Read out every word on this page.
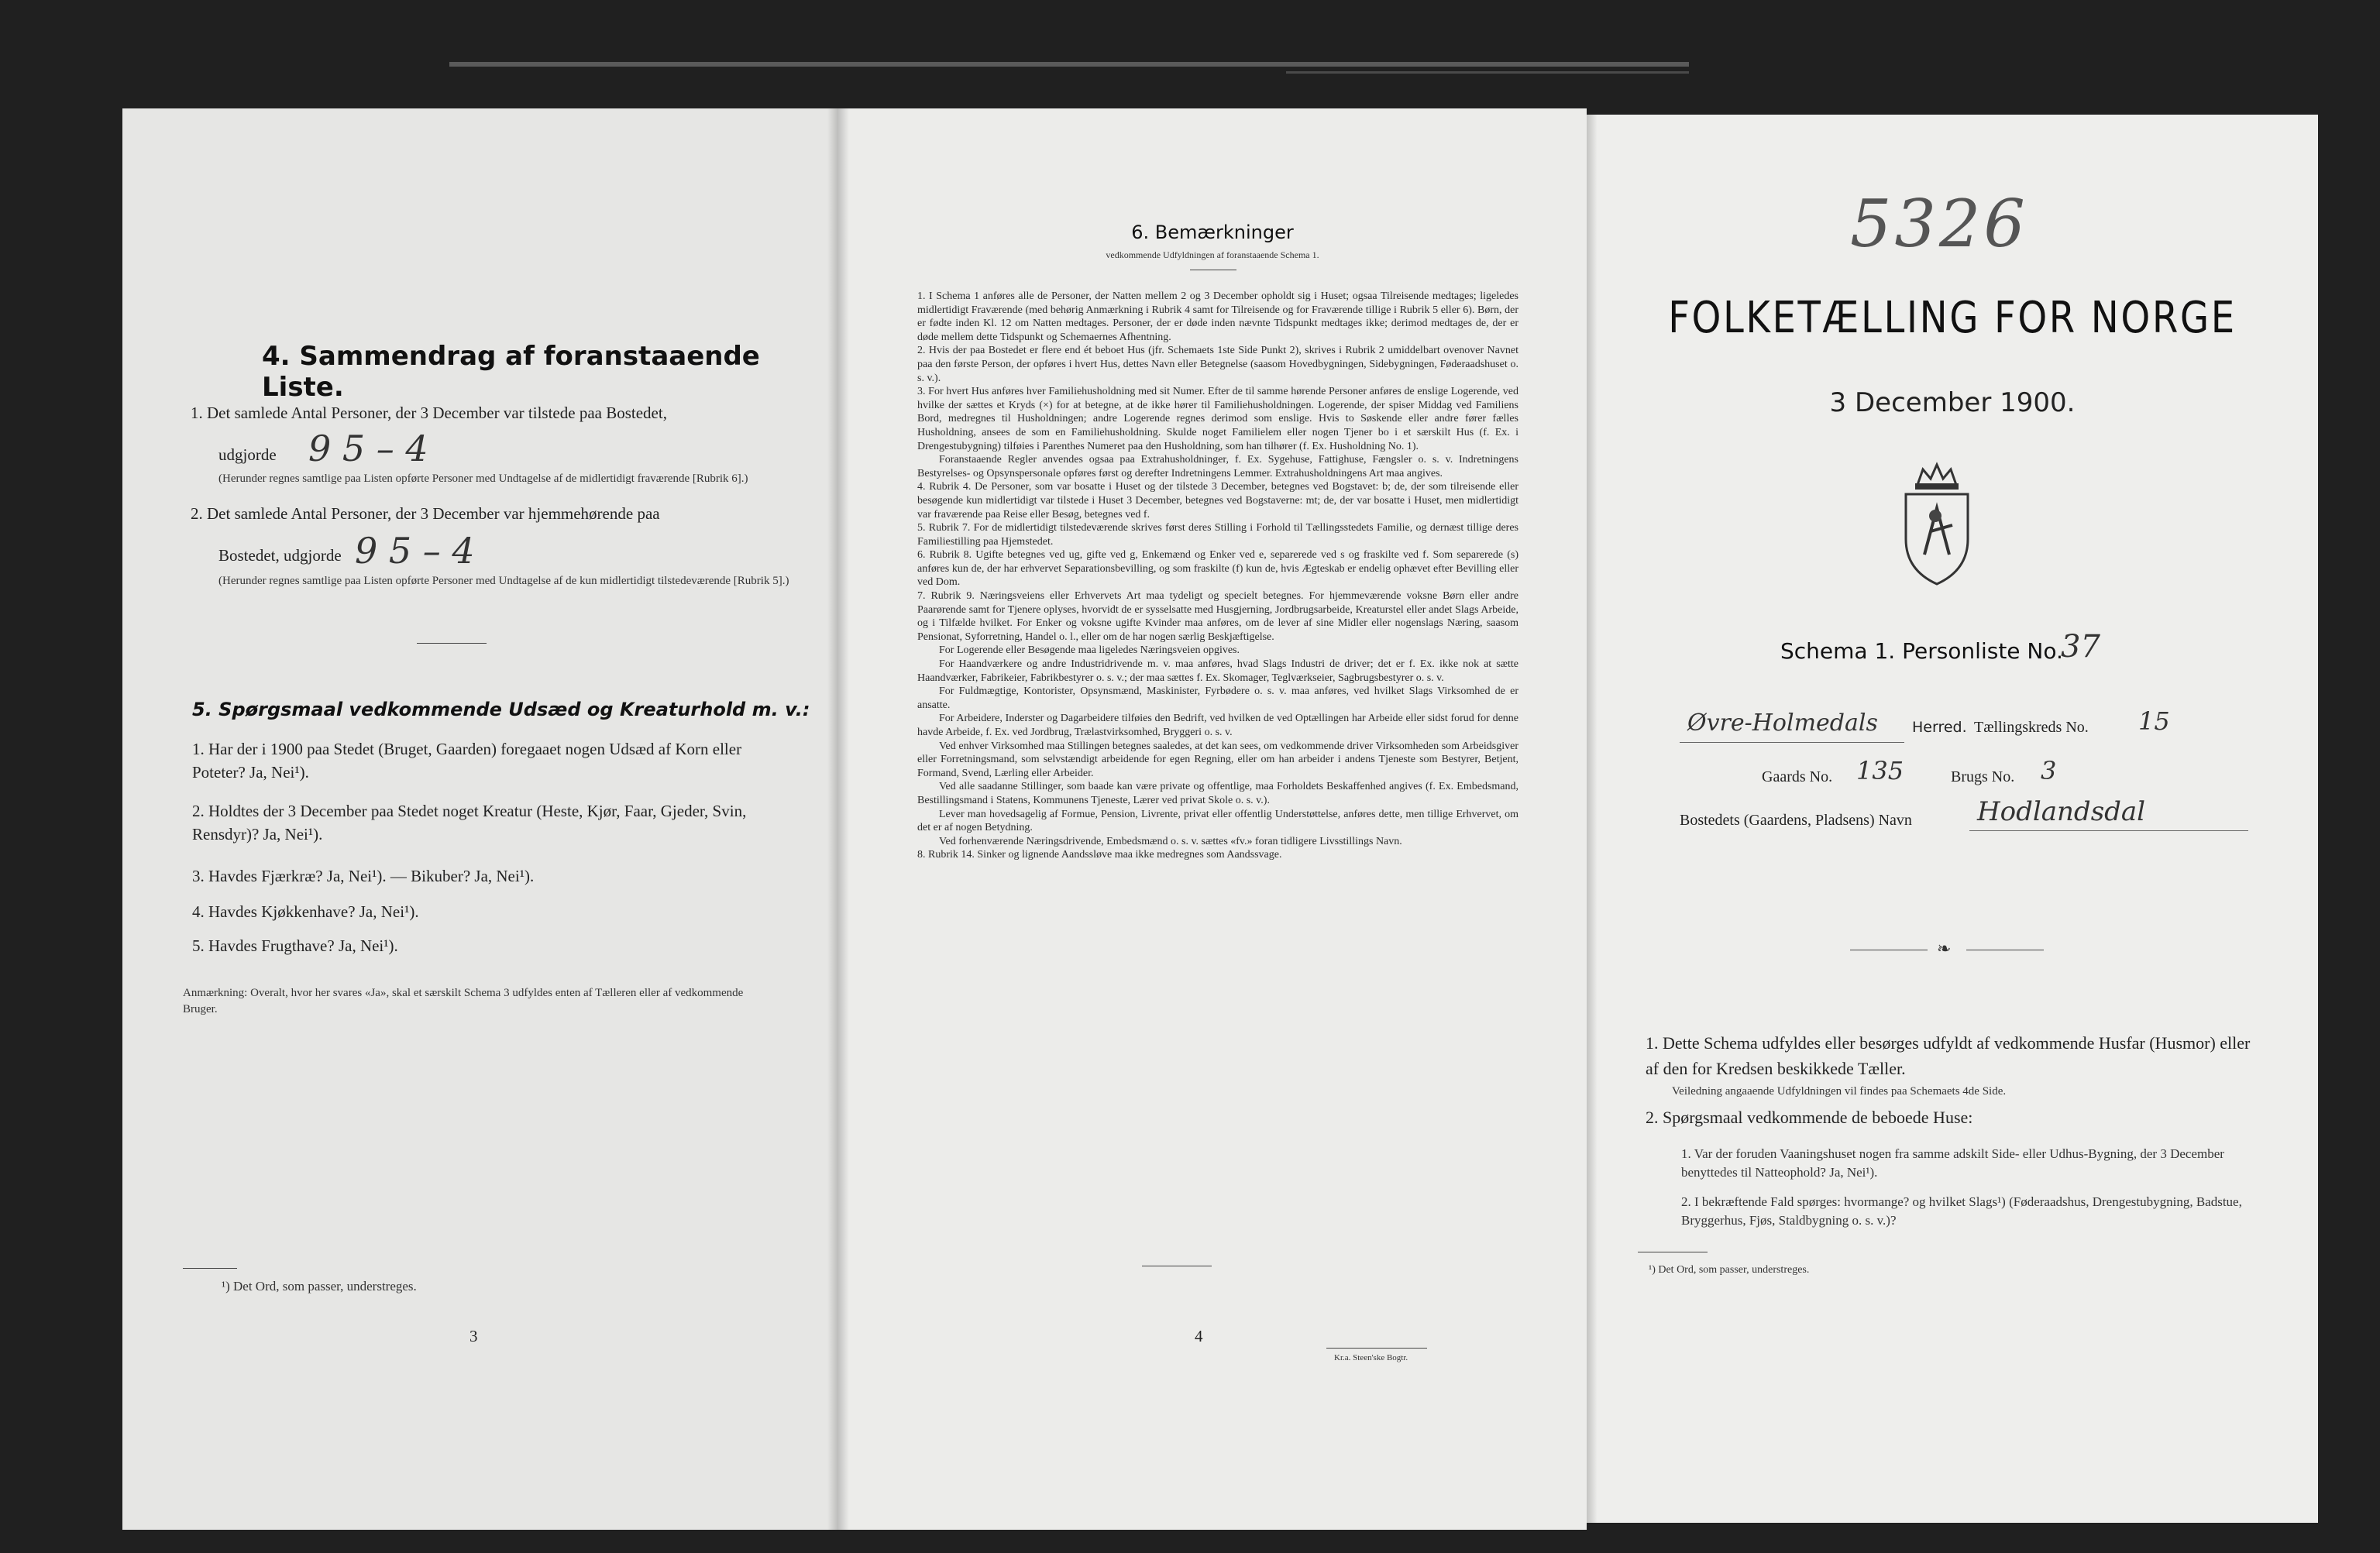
4. Sammendrag af foranstaaende Liste.
1. Det samlede Antal Personer, der 3 December var tilstede paa Bostedet,
udgjorde 9 5 – 4
(Herunder regnes samtlige paa Listen opførte Personer med Undtagelse af de midlertidigt fraværende [Rubrik 6].)
2. Det samlede Antal Personer, der 3 December var hjemmehørende paa
Bostedet, udgjorde 9 5 – 4
(Herunder regnes samtlige paa Listen opførte Personer med Undtagelse af de kun midlertidigt tilstedeværende [Rubrik 5].)
5. Spørgsmaal vedkommende Udsæd og Kreaturhold m. v.:
1. Har der i 1900 paa Stedet (Bruget, Gaarden) foregaaet nogen Udsæd af Korn eller Poteter? Ja, Nei¹).
2. Holdtes der 3 December paa Stedet noget Kreatur (Heste, Kjør, Faar, Gjeder, Svin, Rensdyr)? Ja, Nei¹).
3. Havdes Fjærkræ? Ja, Nei¹). — Bikuber? Ja, Nei¹).
4. Havdes Kjøkkenhave? Ja, Nei¹).
5. Havdes Frugthave? Ja, Nei¹).
Anmærkning: Overalt, hvor her svares «Ja», skal et særskilt Schema 3 udfyldes enten af Tælleren eller af vedkommende Bruger.
¹) Det Ord, som passer, understreges.
3
6. Bemærkninger
vedkommende Udfyldningen af foranstaaende Schema 1.

1. I Schema 1 anføres alle de Personer, der Natten mellem 2 og 3 December opholdt sig i Huset; ogsaa Tilreisende medtages; ligeledes midlertidigt Fraværende (med behørig Anmærkning i Rubrik 4 samt for Tilreisende og for Fraværende tillige i Rubrik 5 eller 6). Børn, der er fødte inden Kl. 12 om Natten medtages. Personer, der er døde inden nævnte Tidspunkt medtages ikke; derimod medtages de, der er døde mellem dette Tidspunkt og Schemaernes Afhentning.

2. Hvis der paa Bostedet er flere end ét beboet Hus (jfr. Schemaets 1ste Side Punkt 2), skrives i Rubrik 2 umiddelbart ovenover Navnet paa den første Person, der opføres i hvert Hus, dettes Navn eller Betegnelse (saasom Hovedbygningen, Sidebygningen, Føderaadshuset o. s. v.).

3. For hvert Hus anføres hver Familiehusholdning med sit Numer. Efter de til samme hørende Personer anføres de enslige Logerende, ved hvilke der sættes et Kryds (×) for at betegne, at de ikke hører til Familiehusholdningen. Logerende, der spiser Middag ved Familiens Bord, medregnes til Husholdningen; andre Logerende regnes derimod som enslige. Hvis to Søskende eller andre fører fælles Husholdning, ansees de som en Familiehusholdning. Skulde noget Familielem eller nogen Tjener bo i et særskilt Hus (f. Ex. i Drengestubygning) tilføies i Parenthes Numeret paa den Husholdning, som han tilhører (f. Ex. Husholdning No. 1).

Foranstaaende Regler anvendes ogsaa paa Extrahusholdninger, f. Ex. Sygehuse, Fattighuse, Fængsler o. s. v. Indretningens Bestyrelses- og Opsynspersonale opføres først og derefter Indretningens Lemmer. Extrahusholdningens Art maa angives.

4. Rubrik 4. De Personer, som var bosatte i Huset og der tilstede 3 December, betegnes ved Bogstavet: b; de, der som tilreisende eller besøgende kun midlertidigt var tilstede i Huset 3 December, betegnes ved Bogstaverne: mt; de, der var bosatte i Huset, men midlertidigt var fraværende paa Reise eller Besøg, betegnes ved f.

5. Rubrik 7. For de midlertidigt tilstedeværende skrives først deres Stilling i Forhold til Tællingsstedets Familie, og dernæst tillige deres Familiestilling paa Hjemstedet.

6. Rubrik 8. Ugifte betegnes ved ug, gifte ved g, Enkemænd og Enker ved e, separerede ved s og fraskilte ved f. Som separerede (s) anføres kun de, der har erhvervet Separationsbevilling, og som fraskilte (f) kun de, hvis Ægteskab er endelig ophævet efter Bevilling eller ved Dom.

7. Rubrik 9. Næringsveiens eller Erhvervets Art maa tydeligt og specielt betegnes. For hjemmeværende voksne Børn eller andre Paarørende samt for Tjenere oplyses, hvorvidt de er sysselsatte med Husgjerning, Jordbrugsarbeide, Kreaturstel eller andet Slags Arbeide, og i Tilfælde hvilket. For Enker og voksne ugifte Kvinder maa anføres, om de lever af sine Midler eller nogenslags Næring, saasom Pensionat, Syforretning, Handel o. l., eller om de har nogen særlig Beskjæftigelse.

For Logerende eller Besøgende maa ligeledes Næringsveien opgives.

For Haandværkere og andre Industridrivende m. v. maa anføres, hvad Slags Industri de driver; det er f. Ex. ikke nok at sætte Haandværker, Fabrikeier, Fabrikbestyrer o. s. v.; der maa sættes f. Ex. Skomager, Teglværkseier, Sagbrugsbestyrer o. s. v.

For Fuldmægtige, Kontorister, Opsynsmænd, Maskinister, Fyrbødere o. s. v. maa anføres, ved hvilket Slags Virksomhed de er ansatte.

For Arbeidere, Inderster og Dagarbeidere tilføies den Bedrift, ved hvilken de ved Optællingen har Arbeide eller sidst forud for denne havde Arbeide, f. Ex. ved Jordbrug, Trælastvirksomhed, Bryggeri o. s. v.

Ved enhver Virksomhed maa Stillingen betegnes saaledes, at det kan sees, om vedkommende driver Virksomheden som Arbeidsgiver eller Forretningsmand, som selvstændigt arbeidende for egen Regning, eller om han arbeider i andens Tjeneste som Bestyrer, Betjent, Formand, Svend, Lærling eller Arbeider.

Ved alle saadanne Stillinger, som baade kan være private og offentlige, maa Forholdets Beskaffenhed angives (f. Ex. Embedsmand, Bestillingsmand i Statens, Kommunens Tjeneste, Lærer ved privat Skole o. s. v.).

Lever man hovedsagelig af Formue, Pension, Livrente, privat eller offentlig Understøttelse, anføres dette, men tillige Erhvervet, om det er af nogen Betydning.

Ved forhenværende Næringsdrivende, Embedsmænd o. s. v. sættes «fv.» foran tidligere Livsstillings Navn.

8. Rubrik 14. Sinker og lignende Aandssløve maa ikke medregnes som Aandssvage.

4
Kr.a. Steen'ske Bogtr.
5326
FOLKETÆLLING FOR NORGE
3 December 1900.
Schema 1. Personliste No.
37
Øvre-Holmedals Herred. Tællingskreds No. 15
Gaards No. 135	Brugs No. 3
Bostedets (Gaardens, Pladsens) Navn Hodlandsdal
❧
1. Dette Schema udfyldes eller besørges udfyldt af vedkommende Husfar (Husmor) eller af den for Kredsen beskikkede Tæller.
Veiledning angaaende Udfyldningen vil findes paa Schemaets 4de Side.
2. Spørgsmaal vedkommende de beboede Huse:
1. Var der foruden Vaaningshuset nogen fra samme adskilt Side- eller Udhus-Bygning, der 3 December benyttedes til Natteophold? Ja, Nei¹).
2. I bekræftende Fald spørges: hvormange? og hvilket Slags¹) (Føderaadshus, Drengestubygning, Badstue, Bryggerhus, Fjøs, Staldbygning o. s. v.)?
¹) Det Ord, som passer, understreges.
